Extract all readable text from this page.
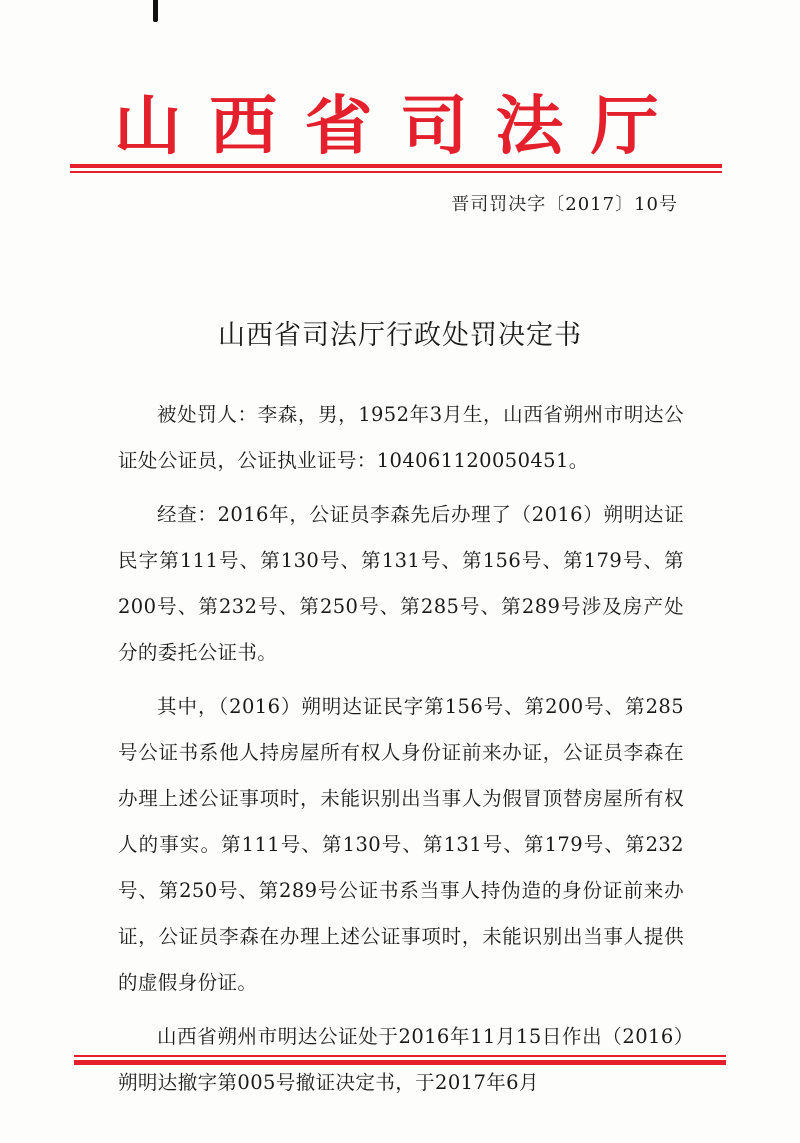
山西省司法厅
晋司罚决字〔2017〕10号
山西省司法厅行政处罚决定书

被处罚人：李森，男，1952年3月生，山西省朔州市明达公证处公证员，公证执业证号：104061120050451。

经查：2016年，公证员李森先后办理了（2016）朔明达证民字第111号、第130号、第131号、第156号、第179号、第200号、第232号、第250号、第285号、第289号涉及房产处分的委托公证书。

其中，（2016）朔明达证民字第156号、第200号、第285号公证书系他人持房屋所有权人身份证前来办证，公证员李森在办理上述公证事项时，未能识别出当事人为假冒顶替房屋所有权人的事实。第111号、第130号、第131号、第179号、第232号、第250号、第289号公证书系当事人持伪造的身份证前来办证，公证员李森在办理上述公证事项时，未能识别出当事人提供的虚假身份证。

山西省朔州市明达公证处于2016年11月15日作出（2016）朔明达撤字第005号撤证决定书，于2017年6月
